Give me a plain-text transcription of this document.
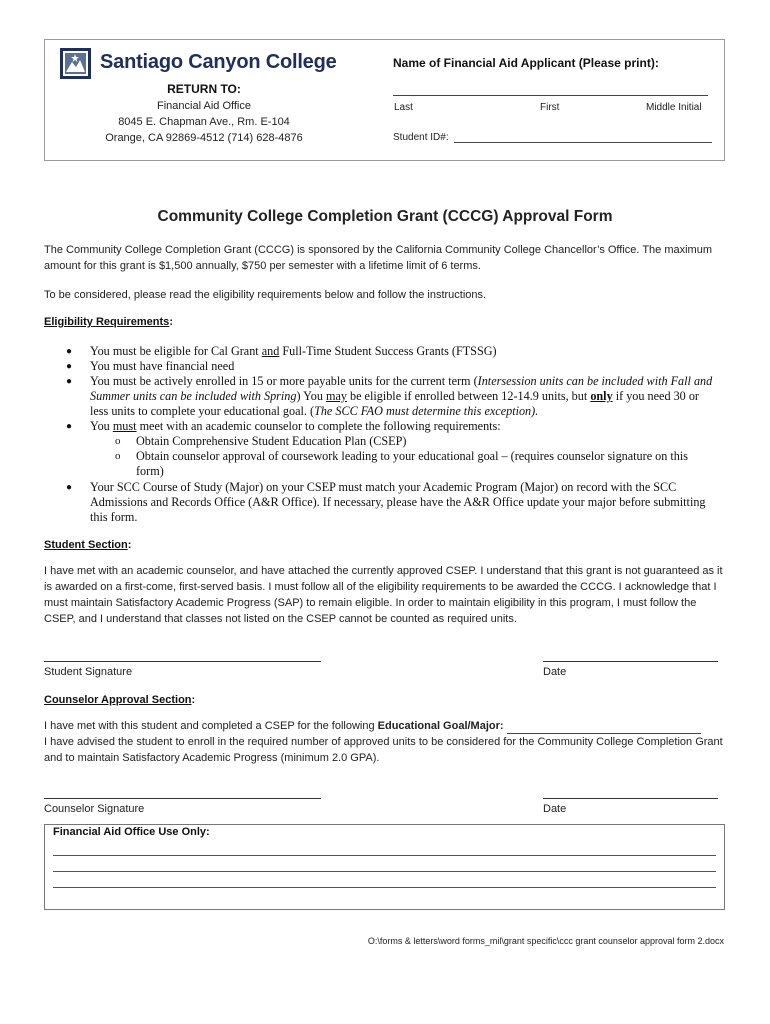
Santiago Canyon College
RETURN TO:
Financial Aid Office
8045 E. Chapman Ave., Rm. E-104
Orange, CA 92869-4512 (714) 628-4876
Name of Financial Aid Applicant (Please print):
Last	First	Middle Initial
Student ID#:
Community College Completion Grant (CCCG) Approval Form
The Community College Completion Grant (CCCG) is sponsored by the California Community College Chancellor’s Office. The maximum amount for this grant is $1,500 annually, $750 per semester with a lifetime limit of 6 terms.
To be considered, please read the eligibility requirements below and follow the instructions.
Eligibility Requirements:
● You must be eligible for Cal Grant and Full-Time Student Success Grants (FTSSG)
● You must have financial need
● You must be actively enrolled in 15 or more payable units for the current term (Intersession units can be included with Fall and Summer units can be included with Spring) You may be eligible if enrolled between 12-14.9 units, but only if you need 30 or less units to complete your educational goal. (The SCC FAO must determine this exception).
● You must meet with an academic counselor to complete the following requirements:
o Obtain Comprehensive Student Education Plan (CSEP)
o Obtain counselor approval of coursework leading to your educational goal – (requires counselor signature on this form)
● Your SCC Course of Study (Major) on your CSEP must match your Academic Program (Major) on record with the SCC Admissions and Records Office (A&R Office). If necessary, please have the A&R Office update your major before submitting this form.
Student Section:
I have met with an academic counselor, and have attached the currently approved CSEP. I understand that this grant is not guaranteed as it is awarded on a first-come, first-served basis. I must follow all of the eligibility requirements to be awarded the CCCG. I acknowledge that I must maintain Satisfactory Academic Progress (SAP) to remain eligible. In order to maintain eligibility in this program, I must follow the CSEP, and I understand that classes not listed on the CSEP cannot be counted as required units.
Student Signature	Date
Counselor Approval Section:
I have met with this student and completed a CSEP for the following Educational Goal/Major:
I have advised the student to enroll in the required number of approved units to be considered for the Community College Completion Grant and to maintain Satisfactory Academic Progress (minimum 2.0 GPA).
Counselor Signature	Date
Financial Aid Office Use Only:
O:\forms & letters\word forms_mil\grant specific\ccc grant counselor approval form 2.docx
